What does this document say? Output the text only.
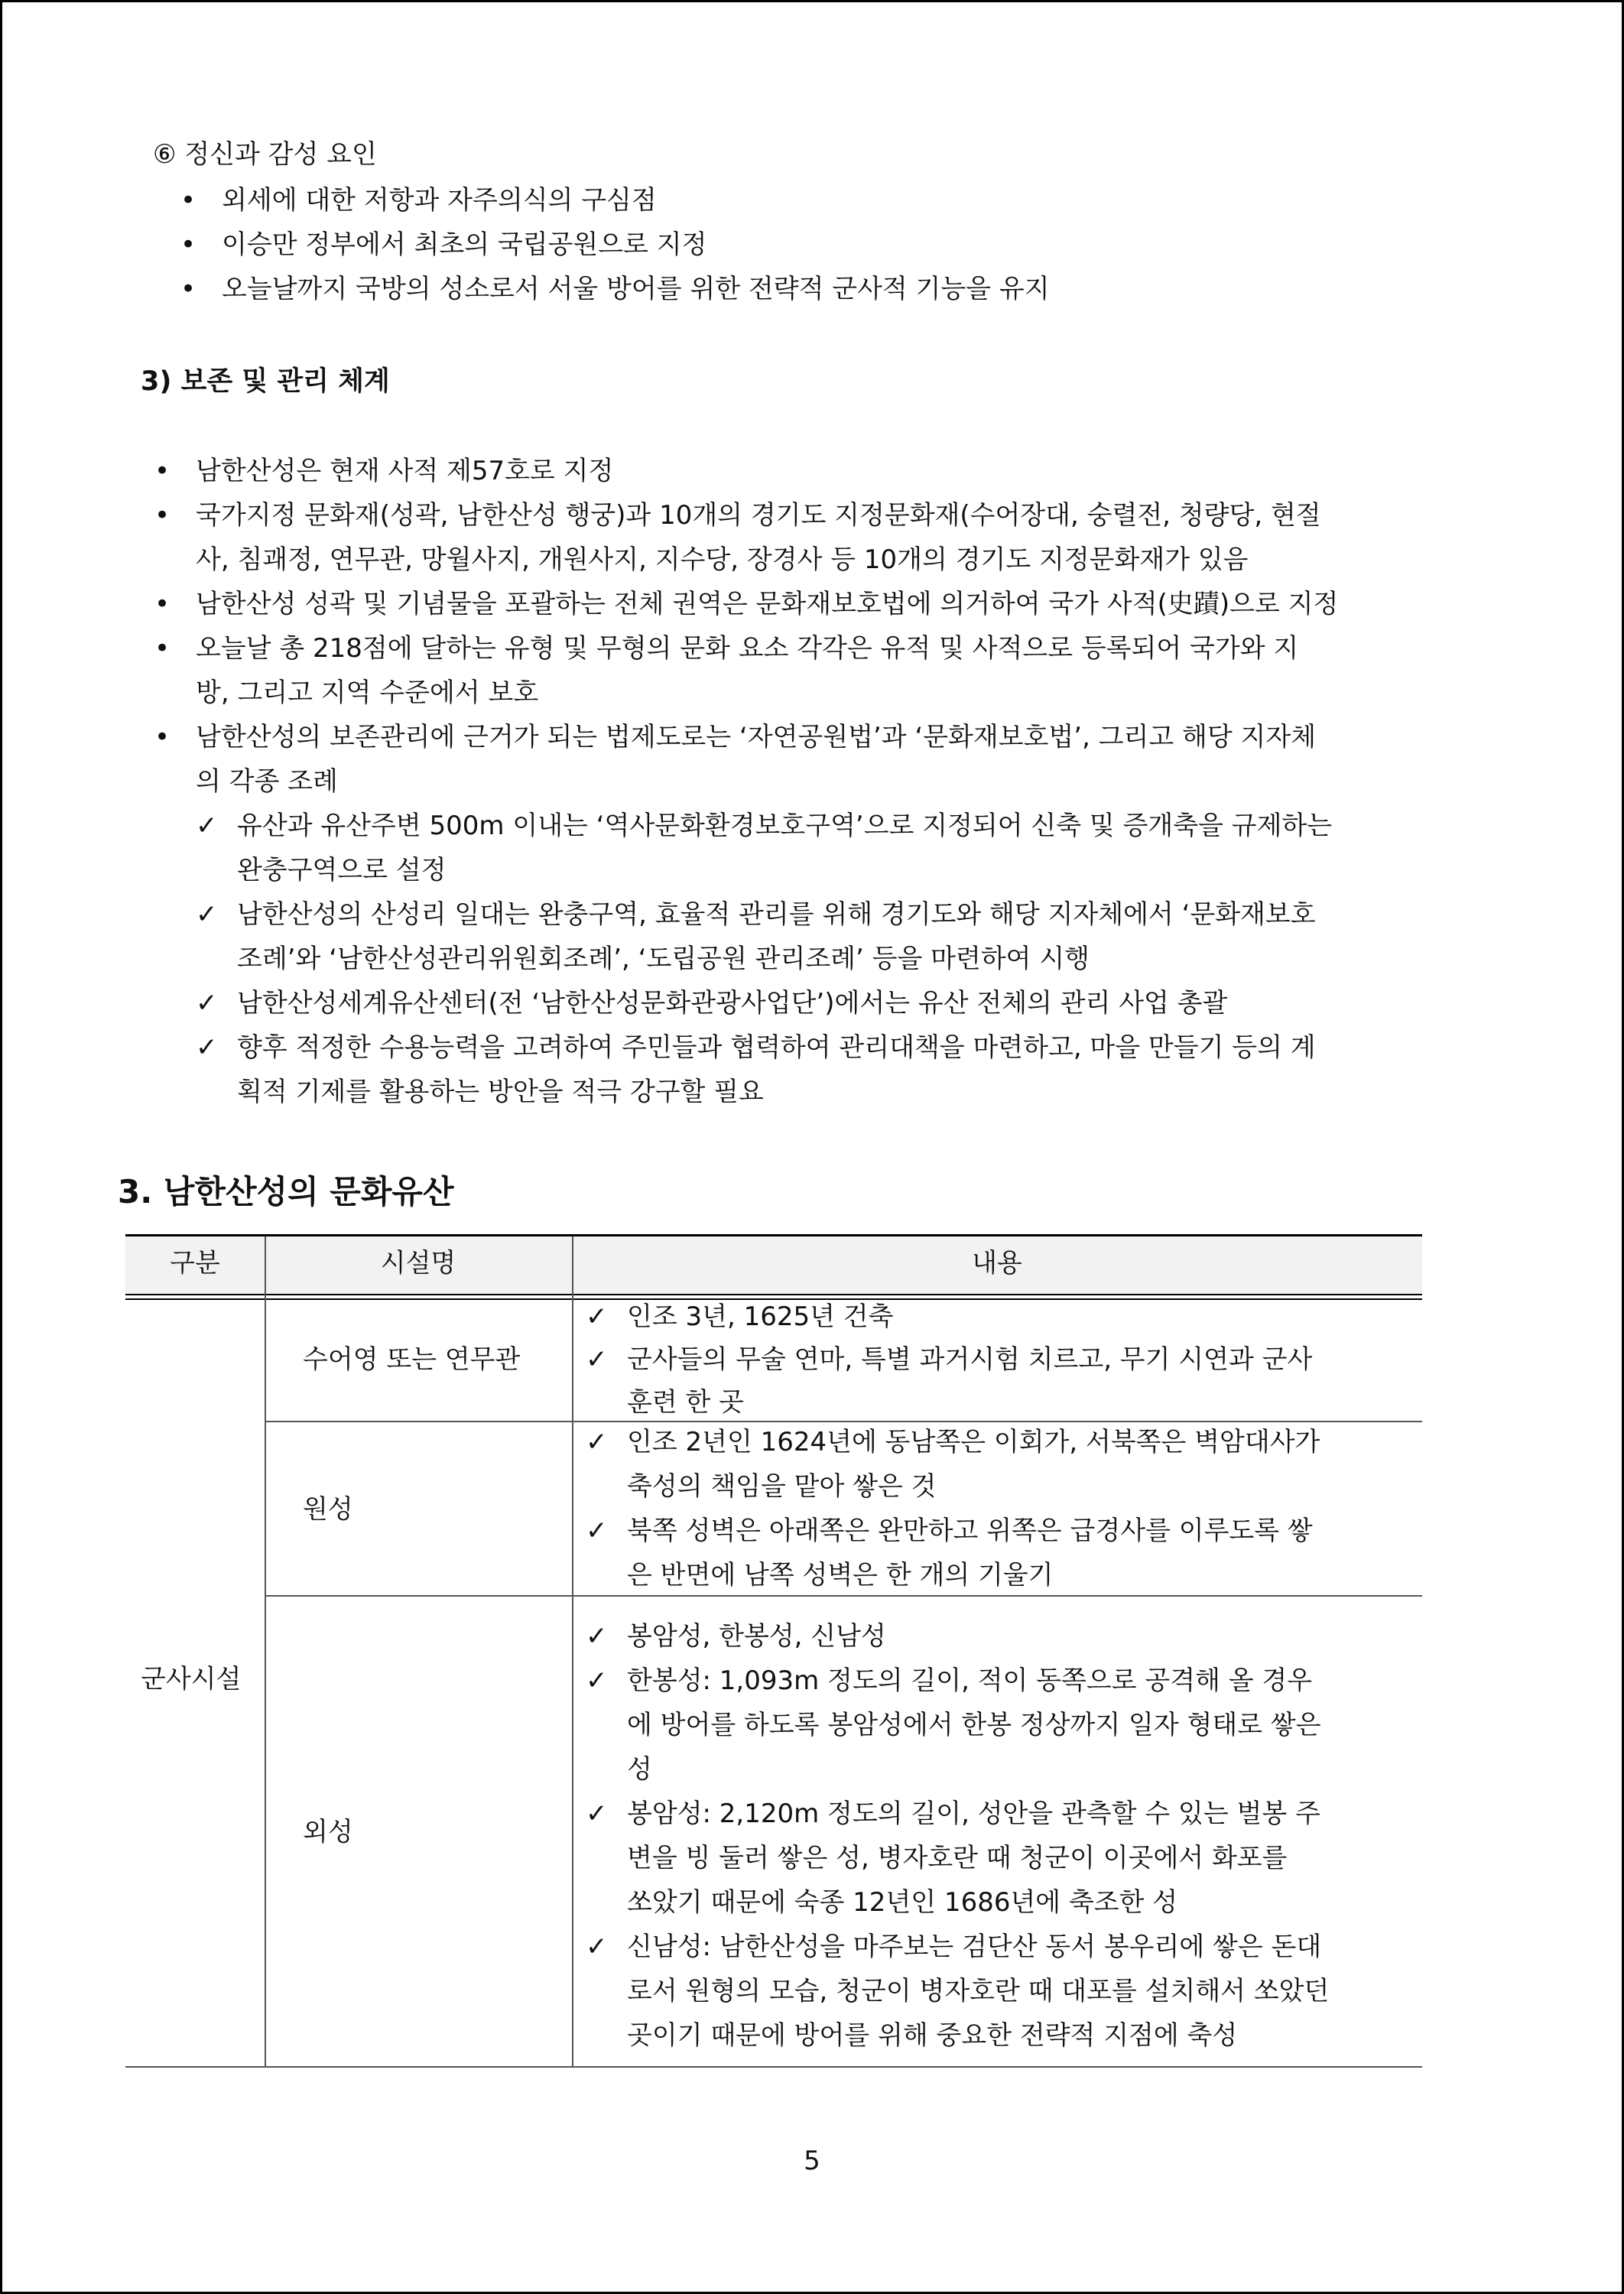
⑥ 정신과 감성 요인
• 외세에 대한 저항과 자주의식의 구심점
• 이승만 정부에서 최초의 국립공원으로 지정
• 오늘날까지 국방의 성소로서 서울 방어를 위한 전략적 군사적 기능을 유지
3) 보존 및 관리 체계
• 남한산성은 현재 사적 제57호로 지정
• 국가지정 문화재(성곽, 남한산성 행궁)과 10개의 경기도 지정문화재(수어장대, 숭렬전, 청량당, 현절
사, 침괘정, 연무관, 망월사지, 개원사지, 지수당, 장경사 등 10개의 경기도 지정문화재가 있음
• 남한산성 성곽 및 기념물을 포괄하는 전체 권역은 문화재보호법에 의거하여 국가 사적(史蹟)으로 지정
• 오늘날 총 218점에 달하는 유형 및 무형의 문화 요소 각각은 유적 및 사적으로 등록되어 국가와 지
방, 그리고 지역 수준에서 보호
• 남한산성의 보존관리에 근거가 되는 법제도로는 ‘자연공원법’과 ‘문화재보호법’, 그리고 해당 지자체
의 각종 조례
✓ 유산과 유산주변 500m 이내는 ‘역사문화환경보호구역’으로 지정되어 신축 및 증개축을 규제하는
완충구역으로 설정
✓ 남한산성의 산성리 일대는 완충구역, 효율적 관리를 위해 경기도와 해당 지자체에서 ‘문화재보호
조례’와 ‘남한산성관리위원회조례’, ‘도립공원 관리조례’ 등을 마련하여 시행
✓ 남한산성세계유산센터(전 ‘남한산성문화관광사업단’)에서는 유산 전체의 관리 사업 총괄
✓ 향후 적정한 수용능력을 고려하여 주민들과 협력하여 관리대책을 마련하고, 마을 만들기 등의 계
획적 기제를 활용하는 방안을 적극 강구할 필요
3. 남한산성의 문화유산
구분	시설명	내용
군사시설
수어영 또는 연무관
✓ 인조 3년, 1625년 건축
✓ 군사들의 무술 연마, 특별 과거시험 치르고, 무기 시연과 군사
훈련 한 곳
원성
✓ 인조 2년인 1624년에 동남쪽은 이회가, 서북쪽은 벽암대사가
축성의 책임을 맡아 쌓은 것
✓ 북쪽 성벽은 아래쪽은 완만하고 위쪽은 급경사를 이루도록 쌓
은 반면에 남쪽 성벽은 한 개의 기울기
외성
✓ 봉암성, 한봉성, 신남성
✓ 한봉성: 1,093m 정도의 길이, 적이 동쪽으로 공격해 올 경우
에 방어를 하도록 봉암성에서 한봉 정상까지 일자 형태로 쌓은
성
✓ 봉암성: 2,120m 정도의 길이, 성안을 관측할 수 있는 벌봉 주
변을 빙 둘러 쌓은 성, 병자호란 때 청군이 이곳에서 화포를
쏘았기 때문에 숙종 12년인 1686년에 축조한 성
✓ 신남성: 남한산성을 마주보는 검단산 동서 봉우리에 쌓은 돈대
로서 원형의 모습, 청군이 병자호란 때 대포를 설치해서 쏘았던
곳이기 때문에 방어를 위해 중요한 전략적 지점에 축성
5
